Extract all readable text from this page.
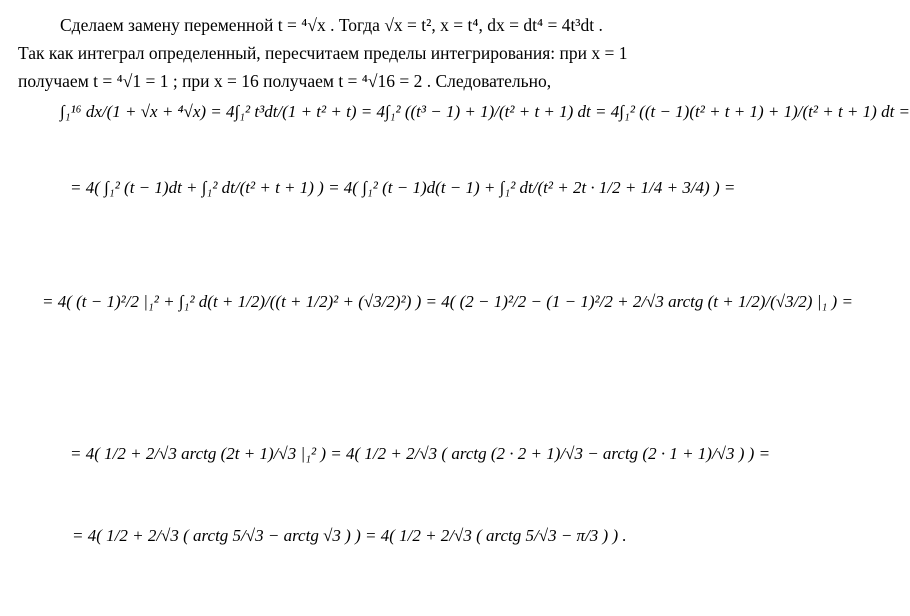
Сделаем замену переменной t = ⁴√x . Тогда √x = t², x = t⁴, dx = dt⁴ = 4t³dt .
Так как интеграл определенный, пересчитаем пределы интегрирования: при x = 1
получаем t = ⁴√1 = 1 ; при x = 16 получаем t = ⁴√16 = 2 . Следовательно,
∫₁¹⁶ dx/(1 + √x + ⁴√x) = 4∫₁² t³dt/(1 + t² + t) = 4∫₁² ((t³ − 1) + 1)/(t² + t + 1) dt = 4∫₁² ((t − 1)(t² + t + 1) + 1)/(t² + t + 1) dt =
= 4( ∫₁² (t − 1)dt + ∫₁² dt/(t² + t + 1) ) = 4( ∫₁² (t − 1)d(t − 1) + ∫₁² dt/(t² + 2t · 1/2 + 1/4 + 3/4) ) =
= 4( (t − 1)²/2 |₁² + ∫₁² d(t + 1/2)/((t + 1/2)² + (√3/2)²) ) = 4( (2 − 1)²/2 − (1 − 1)²/2 + 2/√3 arctg (t + 1/2)/(√3/2) |₁ ) =
= 4( 1/2 + 2/√3 arctg (2t + 1)/√3 |₁² ) = 4( 1/2 + 2/√3 ( arctg (2 · 2 + 1)/√3 − arctg (2 · 1 + 1)/√3 ) ) =
= 4( 1/2 + 2/√3 ( arctg 5/√3 − arctg √3 ) ) = 4( 1/2 + 2/√3 ( arctg 5/√3 − π/3 ) ) .
